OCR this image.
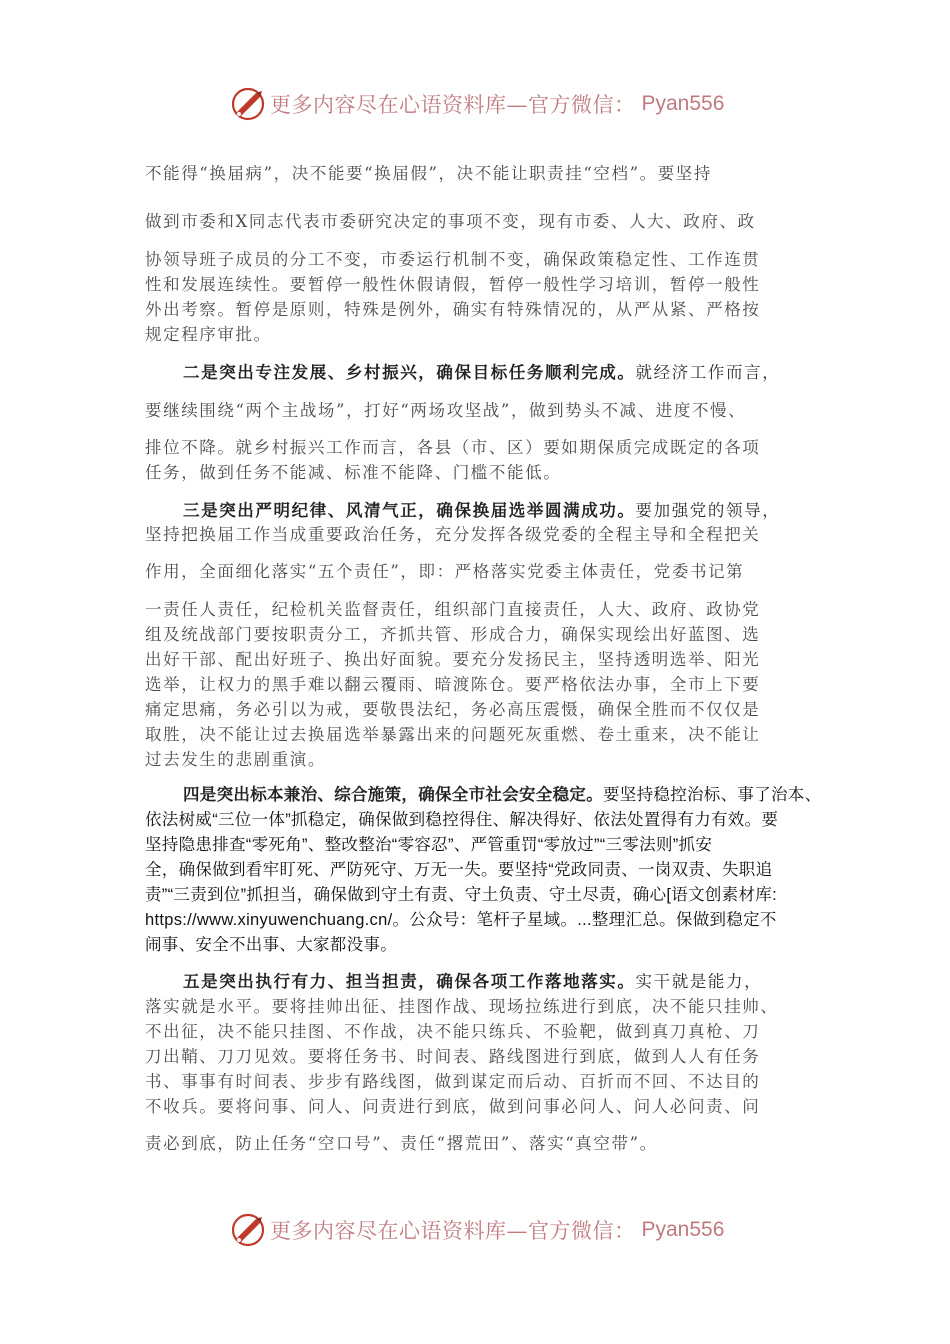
更多内容尽在心语资料库—官方微信： Pyan556
不能得“换届病”，决不能要“换届假”，决不能让职责挂“空档”。要坚持
做到市委和X同志代表市委研究决定的事项不变，现有市委、人大、政府、政
协领导班子成员的分工不变，市委运行机制不变，确保政策稳定性、工作连贯
性和发展连续性。要暂停一般性休假请假，暂停一般性学习培训，暂停一般性
外出考察。暂停是原则，特殊是例外，确实有特殊情况的，从严从紧、严格按
规定程序审批。
二是突出专注发展、乡村振兴，确保目标任务顺利完成。就经济工作而言，
要继续围绕“两个主战场”，打好“两场攻坚战”，做到势头不减、进度不慢、
排位不降。就乡村振兴工作而言，各县（市、区）要如期保质完成既定的各项
任务，做到任务不能减、标准不能降、门槛不能低。
三是突出严明纪律、风清气正，确保换届选举圆满成功。要加强党的领导，
坚持把换届工作当成重要政治任务，充分发挥各级党委的全程主导和全程把关
作用，全面细化落实“五个责任”，即：严格落实党委主体责任，党委书记第
一责任人责任，纪检机关监督责任，组织部门直接责任，人大、政府、政协党
组及统战部门要按职责分工，齐抓共管、形成合力，确保实现绘出好蓝图、选
出好干部、配出好班子、换出好面貌。要充分发扬民主，坚持透明选举、阳光
选举，让权力的黑手难以翻云覆雨、暗渡陈仓。要严格依法办事，全市上下要
痛定思痛，务必引以为戒，要敬畏法纪，务必高压震慑，确保全胜而不仅仅是
取胜，决不能让过去换届选举暴露出来的问题死灰重燃、卷土重来，决不能让
过去发生的悲剧重演。
四是突出标本兼治、综合施策，确保全市社会安全稳定。要坚持稳控治标、事了治本、
依法树威“三位一体”抓稳定，确保做到稳控得住、解决得好、依法处置得有力有效。要
坚持隐患排查“零死角”、整改整治“零容忍”、严管重罚“零放过”“三零法则”抓安
全，确保做到看牢盯死、严防死守、万无一失。要坚持“党政同责、一岗双责、失职追
责”“三责到位”抓担当，确保做到守土有责、守土负责、守土尽责，确心[语文创素材库:
https://www.xinyuwenchuang.cn/。公众号：笔杆子星域。...整理汇总。保做到稳定不
闹事、安全不出事、大家都没事。
五是突出执行有力、担当担责，确保各项工作落地落实。实干就是能力，
落实就是水平。要将挂帅出征、挂图作战、现场拉练进行到底，决不能只挂帅、
不出征，决不能只挂图、不作战，决不能只练兵、不验靶，做到真刀真枪、刀
刀出鞘、刀刀见效。要将任务书、时间表、路线图进行到底，做到人人有任务
书、事事有时间表、步步有路线图，做到谋定而后动、百折而不回、不达目的
不收兵。要将问事、问人、问责进行到底，做到问事必问人、问人必问责、问
责必到底，防止任务“空口号”、责任“撂荒田”、落实“真空带”。
更多内容尽在心语资料库—官方微信： Pyan556
